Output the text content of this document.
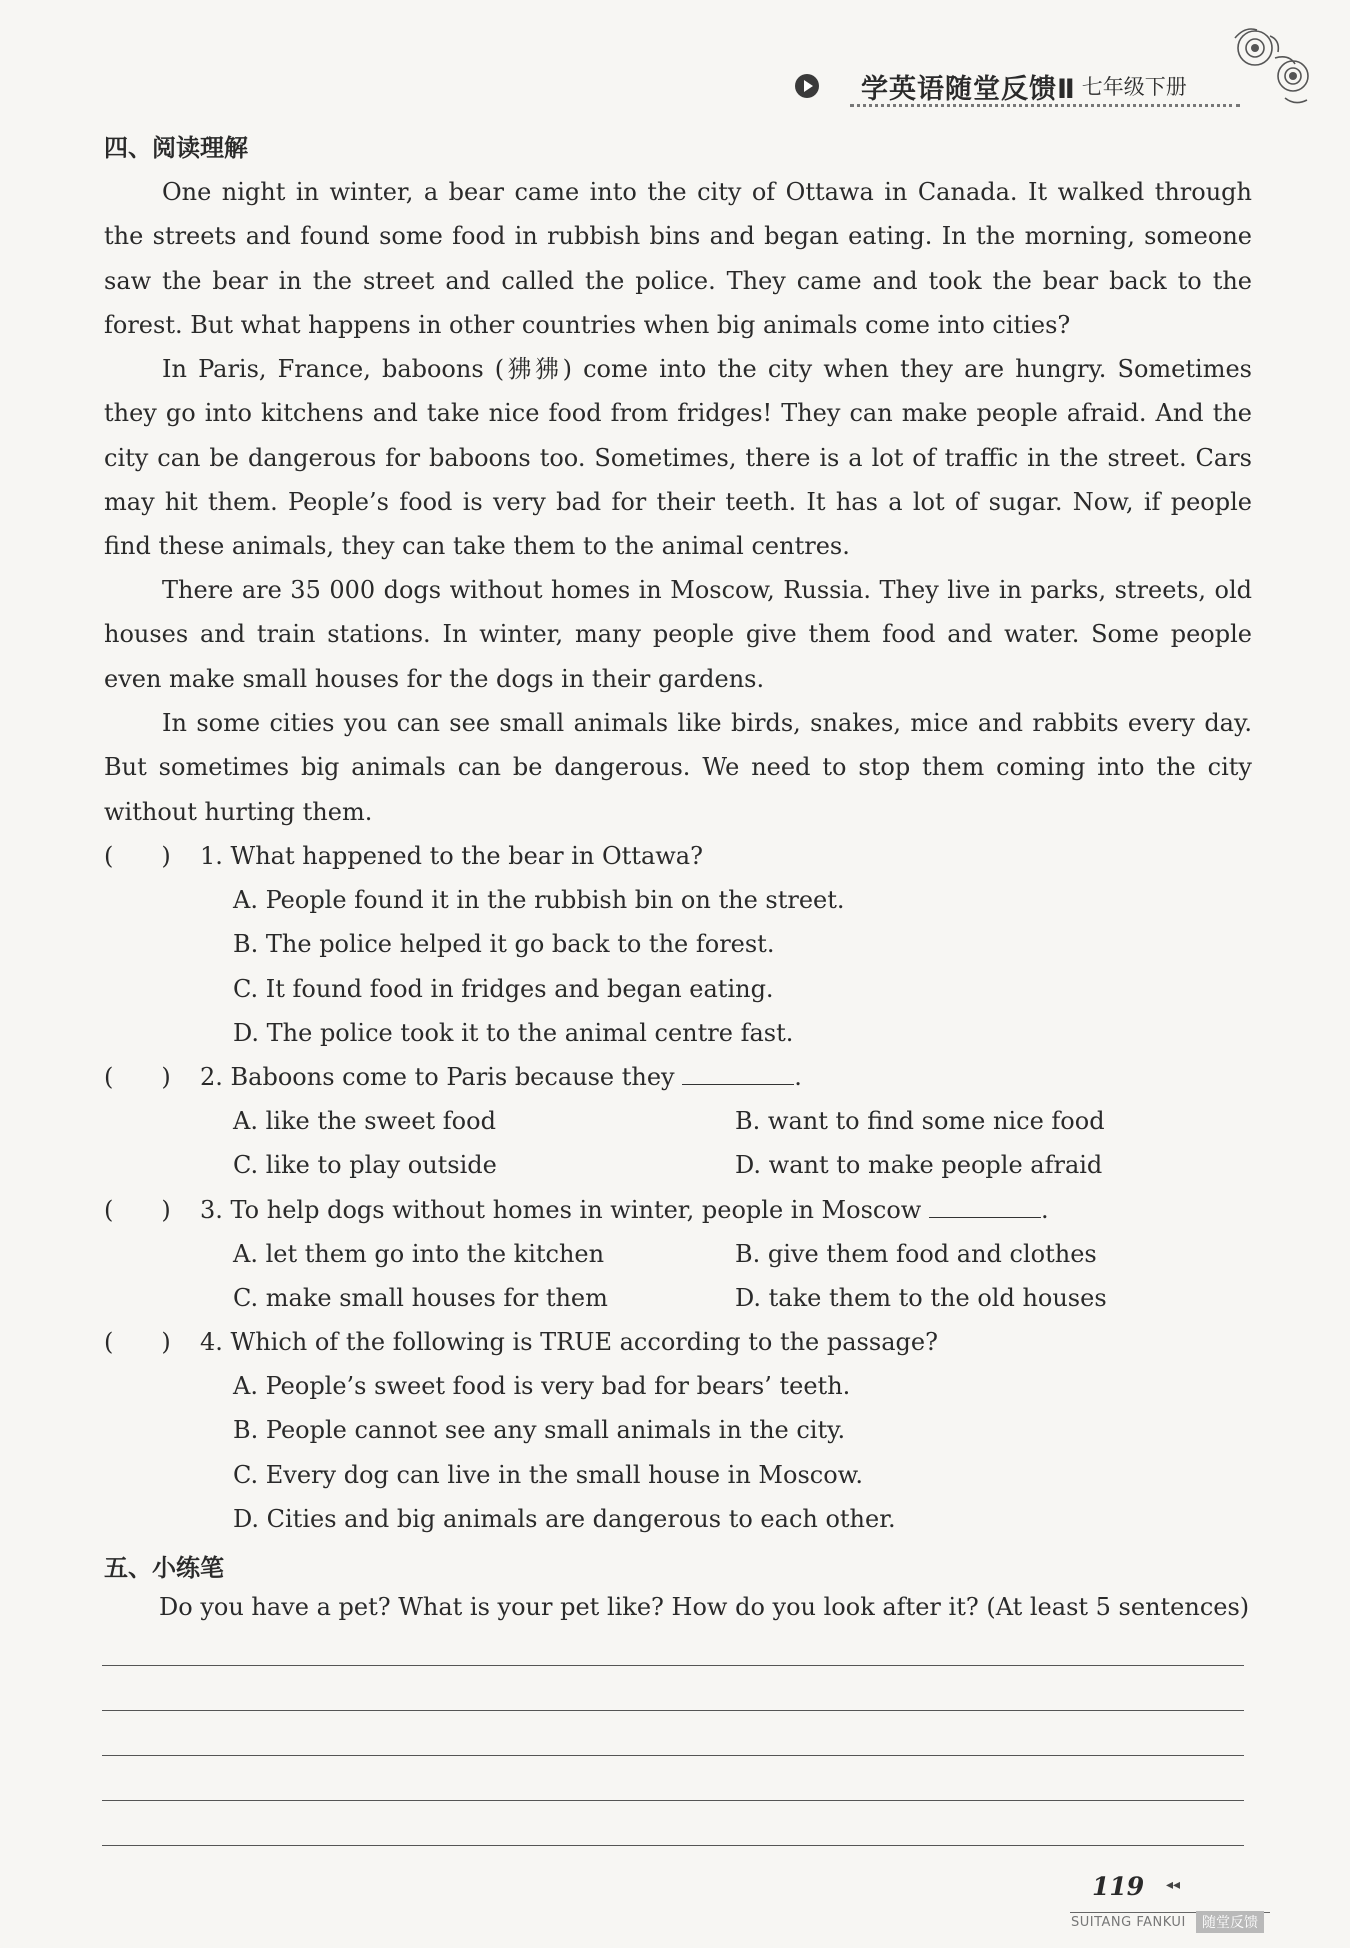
学英语随堂反馈Ⅱ 七年级下册
四、阅读理解

One night in winter, a bear came into the city of Ottawa in Canada. It walked through the streets and found some food in rubbish bins and began eating. In the morning, someone saw the bear in the street and called the police. They came and took the bear back to the forest. But what happens in other countries when big animals come into cities?

In Paris, France, baboons (狒狒) come into the city when they are hungry. Sometimes they go into kitchens and take nice food from fridges! They can make people afraid. And the city can be dangerous for baboons too. Sometimes, there is a lot of traffic in the street. Cars may hit them. People’s food is very bad for their teeth. It has a lot of sugar. Now, if people find these animals, they can take them to the animal centres.

There are 35 000 dogs without homes in Moscow, Russia. They live in parks, streets, old houses and train stations. In winter, many people give them food and water. Some people even make small houses for the dogs in their gardens.

In some cities you can see small animals like birds, snakes, mice and rabbits every day. But sometimes big animals can be dangerous. We need to stop them coming into the city without hurting them.

(　　) 1. What happened to the bear in Ottawa?
A. People found it in the rubbish bin on the street.
B. The police helped it go back to the forest.
C. It found food in fridges and began eating.
D. The police took it to the animal centre fast.
(　　) 2. Baboons come to Paris because they	.
A. like the sweet food	B. want to find some nice food
C. like to play outside	D. want to make people afraid
(　　) 3. To help dogs without homes in winter, people in Moscow	.
A. let them go into the kitchen	B. give them food and clothes
C. make small houses for them	D. take them to the old houses
(　　) 4. Which of the following is TRUE according to the passage?
A. People’s sweet food is very bad for bears’ teeth.
B. People cannot see any small animals in the city.
C. Every dog can live in the small house in Moscow.
D. Cities and big animals are dangerous to each other.
五、小练笔
Do you have a pet? What is your pet like? How do you look after it? (At least 5 sentences)
119 ◂◂
SUITANG FANKUI	随堂反馈
